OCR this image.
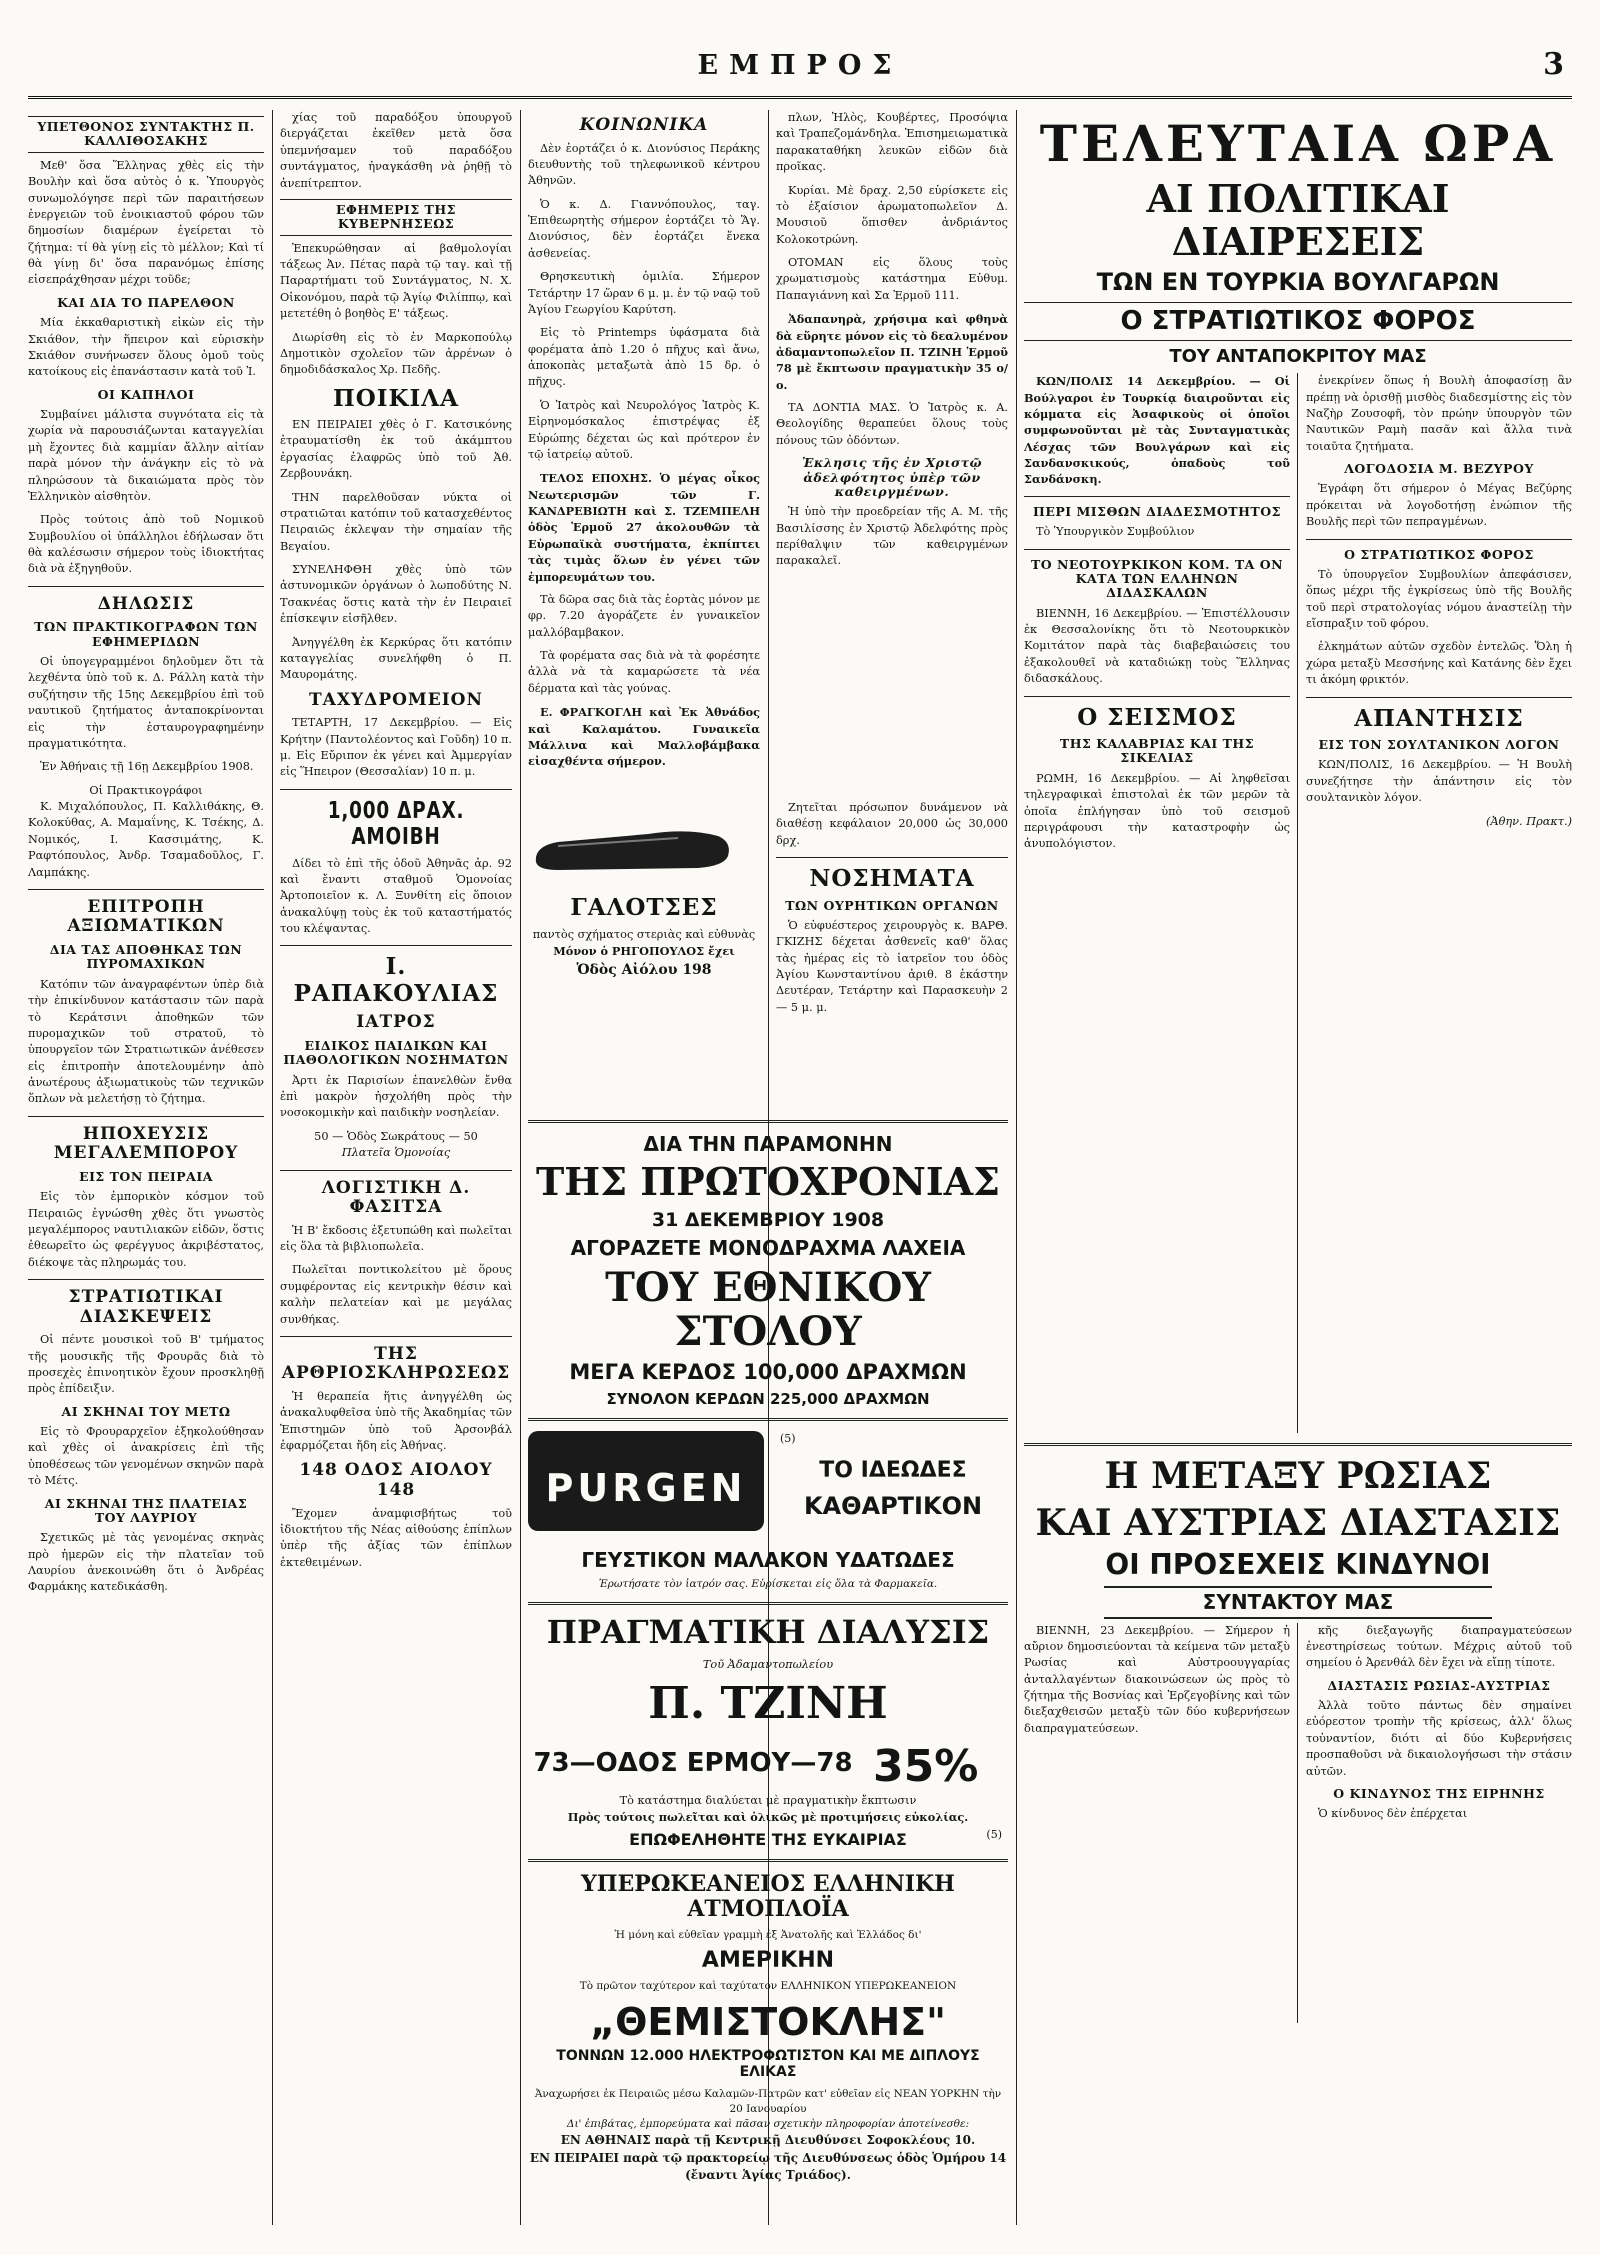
ΕΜΠΡΟΣ	3
ΥΠΕΤΘΟΝΟΣ ΣΥΝΤΑΚΤΗΣ Π. ΚΑΛΛΙΘΟΣΑΚΗΣ

Μεθ' ὅσα Ἕλληνας χθὲς εἰς τὴν Βουλὴν καὶ ὅσα αὐτὸς ὁ κ. Ὑπουργὸς συνωμολόγησε περὶ τῶν παραιτήσεων ἐνεργειῶν τοῦ ἐνοικιαστοῦ φόρου τῶν δημοσίων διαμέρων ἐγείρεται τὸ ζήτημα: τί θὰ γίνῃ εἰς τὸ μέλλον; Καὶ τί θὰ γίνῃ δι' ὅσα παρανόμως ἐπίσης εἰσεπράχθησαν μέχρι τοῦδε;

ΚΑΙ ΔΙΑ ΤΟ ΠΑΡΕΛΘΟΝ

Μία ἐκκαθαριστικὴ εἰκὼν εἰς τὴν Σκιάθον, τὴν ἥπειρον καὶ εὑρισκὴν Σκιάθον συνήνωσεν ὅλους ὁμοῦ τοὺς κατοίκους εἰς ἐπανάστασιν κατὰ τοῦ Ἰ.

ΟΙ ΚΑΠΗΛΟΙ

Συμβαίνει μάλιστα συγνότατα εἰς τὰ χωρία νὰ παρουσιάζωνται καταγγελίαι μὴ ἔχοντες διὰ καμμίαν ἄλλην αἰτίαν παρὰ μόνον τὴν ἀνάγκην εἰς τὸ νὰ πληρώσουν τὰ δικαιώματα πρὸς τὸν Ἑλληνικὸν αἰσθητὸν.

Πρὸς τούτοις ἀπὸ τοῦ Νομικοῦ Συμβουλίου οἱ ὑπάλληλοι ἐδήλωσαν ὅτι θὰ καλέσωσιν σήμερον τοὺς ἰδιοκτήτας διὰ νὰ ἐξηγηθοῦν.

ΔΗΛΩΣΙΣ
ΤΩΝ ΠΡΑΚΤΙΚΟΓΡΑΦΩΝ ΤΩΝ ΕΦΗΜΕΡΙΔΩΝ

Οἱ ὑπογεγραμμένοι δηλοῦμεν ὅτι τὰ λεχθέντα ὑπὸ τοῦ κ. Δ. Ράλλη κατὰ τὴν συζήτησιν τῆς 15ης Δεκεμβρίου ἐπὶ τοῦ ναυτικοῦ ζητήματος ἀνταποκρίνονται εἰς τὴν ἐσταυρογραφημένην πραγματικότητα.

Ἐν Ἀθήναις τῇ 16ῃ Δεκεμβρίου 1908.

Οἱ Πρακτικογράφοι

Κ. Μιχαλόπουλος, Π. Καλλιθάκης, Θ. Κολοκύθας, Α. Μαμαΐνης, Κ. Τσέκης, Δ. Νομικός, Ι. Κασσιμάτης, Κ. Ραφτόπουλος, Ἀνδρ. Τσαμαδοῦλος, Γ. Λαμπάκης.

ΕΠΙΤΡΟΠΗ ΑΞΙΩΜΑΤΙΚΩΝ
ΔΙΑ ΤΑΣ ΑΠΟΘΗΚΑΣ ΤΩΝ ΠΥΡΟΜΑΧΙΚΩΝ

Κατόπιν τῶν ἀναγραφέντων ὑπὲρ διὰ τὴν ἐπικίνδυνον κατάστασιν τῶν παρὰ τὸ Κεράτσινι ἀποθηκῶν τῶν πυρομαχικῶν τοῦ στρατοῦ, τὸ ὑπουργεῖον τῶν Στρατιωτικῶν ἀνέθεσεν εἰς ἐπιτροπὴν ἀποτελουμένην ἀπὸ ἀνωτέρους ἀξιωματικοὺς τῶν τεχνικῶν ὅπλων νὰ μελετήσῃ τὸ ζήτημα.

ΗΠΟΧΕΥΣΙΣ ΜΕΓΑΛΕΜΠΟΡΟΥ
ΕΙΣ ΤΟΝ ΠΕΙΡΑΙΑ

Εἰς τὸν ἐμπορικὸν κόσμον τοῦ Πειραιῶς ἐγνώσθη χθὲς ὅτι γνωστὸς μεγαλέμπορος ναυτιλιακῶν εἰδῶν, ὅστις ἐθεωρεῖτο ὡς φερέγγυος ἀκριβέστατος, διέκοψε τὰς πληρωμάς του.

ΣΤΡΑΤΙΩΤΙΚΑΙ ΔΙΑΣΚΕΨΕΙΣ

Οἱ πέντε μουσικοὶ τοῦ Β' τμήματος τῆς μουσικῆς τῆς Φρουρᾶς διὰ τὸ προσεχὲς ἐπινοητικὸν ἔχουν προσκληθῇ πρὸς ἐπίδειξιν.

ΑΙ ΣΚΗΝΑΙ ΤΟΥ ΜΕΤΩ

Εἰς τὸ Φρουραρχεῖον ἐξηκολούθησαν καὶ χθὲς οἱ ἀνακρίσεις ἐπὶ τῆς ὑποθέσεως τῶν γενομένων σκηνῶν παρὰ τὸ Μέτς.

ΑΙ ΣΚΗΝΑΙ ΤΗΣ ΠΛΑΤΕΙΑΣ ΤΟΥ ΛΑΥΡΙΟΥ

Σχετικῶς μὲ τὰς γενομένας σκηνὰς πρὸ ἡμερῶν εἰς τὴν πλατεῖαν τοῦ Λαυρίου ἀνεκοινώθη ὅτι ὁ Ἀνδρέας Φαρμάκης κατεδικάσθη.

χίας τοῦ παραδόξου ὑπουργοῦ διεργάζεται ἐκεῖθεν μετὰ ὅσα ὑπεμνήσαμεν τοῦ παραδόξου συντάγματος, ἠναγκάσθη νὰ ῥηθῇ τὸ ἀνεπίτρεπτον.

ΕΦΗΜΕΡΙΣ ΤΗΣ ΚΥΒΕΡΝΗΣΕΩΣ

Ἐπεκυρώθησαν αἱ βαθμολογίαι τάξεως Ἀν. Πέτας παρὰ τῷ ταγ. καὶ τῇ Παραρτήματι τοῦ Συντάγματος, Ν. Χ. Οἰκονόμου, παρὰ τῷ Ἁγίῳ Φιλίππῳ, καὶ μετετέθη ὁ βοηθὸς Ε' τάξεως.

Διωρίσθη εἰς τὸ ἐν Μαρκοπούλῳ Δημοτικὸν σχολεῖον τῶν ἀρρένων ὁ δημοδιδάσκαλος Χρ. Πεδῆς.

ΠΟΙΚΙΛΑ

ΕΝ ΠΕΙΡΑΙΕΙ χθὲς ὁ Γ. Κατσικόνης ἐτραυματίσθη ἐκ τοῦ ἀκάμπτου ἐργασίας ἐλαφρῶς ὑπὸ τοῦ Ἀθ. Ζερβουνάκη.

ΤΗΝ παρελθοῦσαν νύκτα οἱ στρατιῶται κατόπιν τοῦ κατασχεθέντος Πειραιῶς ἐκλεψαν τὴν σημαίαν τῆς Βεγαίου.

ΣΥΝΕΛΗΦΘΗ χθὲς ὑπὸ τῶν ἀστυνομικῶν ὀργάνων ὁ λωποδύτης Ν. Τσακνέας ὅστις κατὰ τὴν ἐν Πειραιεῖ ἐπίσκεψιν εἰσῆλθεν.

Ἀνηγγέλθη ἐκ Κερκύρας ὅτι κατόπιν καταγγελίας συνελήφθη ὁ Π. Μαυρομάτης.

ΤΑΧΥΔΡΟΜΕΙΟΝ

ΤΕΤΑΡΤΗ, 17 Δεκεμβρίου. — Εἰς Κρήτην (Παντολέοντος καὶ Γοῦδη) 10 π. μ. Εἰς Εὔριπον ἐκ γένει καὶ Ἀμμεργίαν εἰς Ἥπειρον (Θεσσαλίαν) 10 π. μ.

1,000 ΔΡΑΧ. ΑΜΟΙΒΗ

Δίδει τὸ ἐπὶ τῆς ὁδοῦ Ἀθηνᾶς ἀρ. 92 καὶ ἔναντι σταθμοῦ Ὁμονοίας Ἀρτοποιεῖον κ. Λ. Ξυνθίτη εἰς ὅποιον ἀνακαλύψῃ τοὺς ἐκ τοῦ καταστήματός του κλέψαντας.

Ι. ΡΑΠΑΚΟΥΛΙΑΣ
ΙΑΤΡΟΣ
ΕΙΔΙΚΟΣ ΠΑΙΔΙΚΩΝ ΚΑΙ ΠΑΘΟΛΟΓΙΚΩΝ ΝΟΣΗΜΑΤΩΝ

Ἀρτι ἐκ Παρισίων ἐπανελθὼν ἔνθα ἐπὶ μακρὸν ἠσχολήθη πρὸς τὴν νοσοκομικὴν καὶ παιδικὴν νοσηλείαν.

50 — Ὁδὸς Σωκράτους — 50
Πλατεῖα Ὁμονοίας
ΛΟΓΙΣΤΙΚΗ Δ. ΦΑΣΙΤΣΑ

Ἡ Β' ἔκδοσις ἐξετυπώθη καὶ πωλεῖται εἰς ὅλα τὰ βιβλιοπωλεῖα.

Πωλεῖται ποντικολείτου μὲ ὅρους συμφέροντας εἰς κεντρικὴν θέσιν καὶ καλὴν πελατείαν καὶ με μεγάλας συνθήκας.

ΤΗΣ ΑΡΘΡΙΟΣΚΛΗΡΩΣΕΩΣ

Ἡ θεραπεία ἥτις ἀνηγγέλθη ὡς ἀνακαλυφθεῖσα ὑπὸ τῆς Ἀκαδημίας τῶν Ἐπιστημῶν ὑπὸ τοῦ Ἀρσονβάλ ἐφαρμόζεται ἤδη εἰς Ἀθήνας.

148 ΟΔΟΣ ΑΙΟΛΟΥ 148

Ἔχομεν ἀναμφισβήτως τοῦ ἰδιοκτήτου τῆς Νέας αἰθούσης ἐπίπλων ὑπὲρ τῆς ἀξίας τῶν ἐπίπλων ἐκτεθειμένων.

ΚΟΙΝΩΝΙΚΑ

Δὲν ἑορτάζει ὁ κ. Διονύσιος Περάκης διευθυντὴς τοῦ τηλεφωνικοῦ κέντρου Ἀθηνῶν.

Ὁ κ. Δ. Γιαννόπουλος, ταγ. Ἐπιθεωρητὴς σήμερον ἐορτάζει τὸ Ἅγ. Διονύσιος, δὲν ἑορτάζει ἕνεκα ἀσθενείας.

Θρησκευτικὴ ὁμιλία. Σήμερον Τετάρτην 17 ὥραν 6 μ. μ. ἐν τῷ ναῷ τοῦ Ἁγίου Γεωργίου Καρύτση.

Εἰς τὸ Printemps ὑφάσματα διὰ φορέματα ἀπὸ 1.20 ὁ πῆχυς καὶ ἄνω, ἀποκοπὰς μεταξωτὰ ἀπὸ 15 δρ. ὁ πῆχυς.

Ὁ Ἰατρὸς καὶ Νευρολόγος Ἰατρὸς Κ. Εἰρηνομόσκαλος ἐπιστρέψας ἐξ Εὐρώπης δέχεται ὡς καὶ πρότερον ἐν τῷ ἰατρείῳ αὐτοῦ.

ΤΕΛΟΣ ΕΠΟΧΗΣ. Ὁ μέγας οἶκος Νεωτερισμῶν τῶν Γ. ΚΑΝΔΡΕΒΙΩΤΗ καὶ Σ. ΤΖΕΜΠΕΛΗ ὁδὸς Ἑρμοῦ 27 ἀκολουθῶν τὰ Εὐρωπαϊκὰ συστήματα, ἐκπίπτει τὰς τιμὰς ὅλων ἐν γένει τῶν ἐμπορευμάτων του.

Τὰ δῶρα σας διὰ τὰς ἑορτὰς μόνον με φρ. 7.20 ἀγοράζετε ἐν γυναικεῖον μαλλόβαμβακον.

Τὰ φορέματα σας διὰ νὰ τὰ φορέσητε ἀλλὰ νὰ τὰ καμαρώσετε τὰ νέα δέρματα καὶ τὰς γούνας.

Ε. ΦΡΑΓΚΟΓΛΗ καὶ Ἐκ Ἀθνάδος καὶ Καλαμάτου. Γυναικεῖα Μάλλινα καὶ Μαλλοβάμβακα εἰσαχθέντα σήμερον.

πλων, Ἠλὸς, Κουβέρτες, Προσόψια καὶ Τραπεζομάνδηλα. Ἐπισημειωματικὰ παρακαταθήκη λευκῶν εἰδῶν διὰ προῖκας.

Κυρίαι. Μὲ δραχ. 2,50 εὑρίσκετε εἰς τὸ ἐξαίσιον ἀρωματοπωλεῖον Δ. Μουσιοῦ ὅπισθεν ἀνδριάντος Κολοκοτρώνη.

ΟΤΟΜΑΝ εἰς ὅλους τοὺς χρωματισμοὺς κατάστημα Εὐθυμ. Παπαγιάννη καὶ Σα Ἑρμοῦ 111.

Ἀδαπανηρὰ, χρήσιμα καὶ φθηνὰ δὰ εὕρητε μόνον εἰς τὸ δεαλυμένον ἀδαμαντοπωλεῖον Π. ΤΖΙΝΗ Ἑρμοῦ 78 μὲ ἔκπτωσιν πραγματικὴν 35 ο/ο.

ΤΑ ΔΟΝΤΙΑ ΜΑΣ. Ὁ Ἰατρὸς κ. Α. Θεολογίδης θεραπεύει ὅλους τοὺς πόνους τῶν ὀδόντων.

Ἐκλησις τῆς ἐν Χριστῷ ἀδελφότητος ὑπὲρ τῶν καθειργμένων.

Ἡ ὑπὸ τὴν προεδρείαν τῆς Α. Μ. τῆς Βασιλίσσης ἐν Χριστῷ Ἀδελφότης πρὸς περίθαλψιν τῶν καθειργμένων παρακαλεῖ.

ΓΑΛΟΤΣΕΣ
παντὸς σχήματος στεριὰς καὶ εὐθυνὰς
Μόνον ὁ ΡΗΓΟΠΟΥΛΟΣ ἔχει
Ὁδὸς Αἰόλου 198

Ζητεῖται πρόσωπον δυνάμενον νὰ διαθέσῃ κεφάλαιον 20,000 ὡς 30,000 δρχ.

ΝΟΣΗΜΑΤΑ
ΤΩΝ ΟΥΡΗΤΙΚΩΝ ΟΡΓΑΝΩΝ

Ὁ εὐφυέστερος χειρουργὸς κ. ΒΑΡΘ. ΓΚΙΖΗΣ δέχεται ἀσθενεῖς καθ' ὅλας τὰς ἡμέρας εἰς τὸ ἰατρεῖον του ὁδὸς Ἀγίου Κωνσταντίνου ἀριθ. 8 ἑκάστην Δευτέραν, Τετάρτην καὶ Παρασκευὴν 2 — 5 μ. μ.

ΔΙΑ ΤΗΝ ΠΑΡΑΜΟΝΗΝ
ΤΗΣ ΠΡΩΤΟΧΡΟΝΙΑΣ
31 ΔΕΚΕΜΒΡΙΟΥ 1908
ΑΓΟΡΑΖΕΤΕ ΜΟΝΟΔΡΑΧΜΑ ΛΑΧΕΙΑ
ΤΟΥ ΕΘΝΙΚΟΥ ΣΤΟΛΟΥ
ΜΕΓΑ ΚΕΡΔΟΣ 100,000 ΔΡΑΧΜΩΝ
ΣΥΝΟΛΟΝ ΚΕΡΔΩΝ 225,000 ΔΡΑΧΜΩΝ
PURGEN
(5)
ΤΟ ΙΔΕΩΔΕΣ
ΚΑΘΑΡΤΙΚΟΝ
ΓΕΥΣΤΙΚΟΝ ΜΑΛΑΚΟΝ ΥΔΑΤΩΔΕΣ
Ἐρωτήσατε τὸν ἰατρόν σας. Εὑρίσκεται εἰς ὅλα τὰ Φαρμακεῖα.
ΠΡΑΓΜΑΤΙΚΗ ΔΙΑΛΥΣΙΣ
Τοῦ Ἀδαμαντοπωλείου
Π. ΤΖΙΝΗ
73—ΟΔΟΣ ΕΡΜΟΥ—78 35%
Τὸ κατάστημα διαλύεται μὲ πραγματικὴν ἔκπτωσιν
Πρὸς τούτοις πωλεῖται καὶ ὁλικῶς μὲ προτιμήσεις εὐκολίας.
ΕΠΩΦΕΛΗΘΗΤΕ ΤΗΣ ΕΥΚΑΙΡΙΑΣ	(5)
ΥΠΕΡΩΚΕΑΝΕΙΟΣ ΕΛΛΗΝΙΚΗ ΑΤΜΟΠΛΟΪΑ
Ἡ μόνη καὶ εὐθεῖαν γραμμὴ ἐξ Ἀνατολῆς καὶ Ἑλλάδος δι'
ΑΜΕΡΙΚΗΝ
Τὸ πρῶτον ταχύτερον καὶ ταχύτατον ΕΛΛΗΝΙΚΟΝ ΥΠΕΡΩΚΕΑΝΕΙΟΝ
„ΘΕΜΙΣΤΟΚΛΗΣ"
ΤΟΝΝΩΝ 12.000 ΗΛΕΚΤΡΟΦΩΤΙΣΤΟΝ ΚΑΙ ΜΕ ΔΙΠΛΟΥΣ ΕΛΙΚΑΣ
Ἀναχωρήσει ἐκ Πειραιῶς μέσω Καλαμῶν-Πατρῶν κατ' εὐθεῖαν εἰς ΝΕΑΝ ΥΟΡΚΗΝ τὴν 20 Ιανουαρίου
Δι' ἐπιβάτας, ἐμπορεύματα καὶ πᾶσαν σχετικὴν πληροφορίαν ἀποτείνεσθε:
ΕΝ ΑΘΗΝΑΙΣ παρὰ τῇ Κεντρικῇ Διευθύνσει Σοφοκλέους 10.
ΕΝ ΠΕΙΡΑΙΕΙ παρὰ τῷ πρακτορείῳ τῆς Διευθύνσεως ὁδὸς Ὁμήρου 14 (ἔναντι Ἁγίας Τριάδος).
ΤΕΛΕΥΤΑΙΑ ΩΡΑ
ΑΙ ΠΟΛΙΤΙΚΑΙ ΔΙΑΙΡΕΣΕΙΣ
ΤΩΝ ΕΝ ΤΟΥΡΚΙΑ ΒΟΥΛΓΑΡΩΝ
Ο ΣΤΡΑΤΙΩΤΙΚΟΣ ΦΟΡΟΣ
ΤΟΥ ΑΝΤΑΠΟΚΡΙΤΟΥ ΜΑΣ

ΚΩΝ/ΠΟΛΙΣ 14 Δεκεμβρίου. — Οἱ Βούλγαροι ἐν Τουρκίᾳ διαιροῦνται εἰς κόμματα εἰς Ἀσαφικοὺς οἱ ὁποῖοι συμφωνοῦνται μὲ τὰς Συνταγματικὰς Λέσχας τῶν Βουλγάρων καὶ εἰς Σανδανσκικούς, ὁπαδοὺς τοῦ Σανδάνσκη.

ΠΕΡΙ ΜΙΣΘΩΝ ΔΙΑΔΕΣΜΟΤΗΤΟΣ

Τὸ Ὑπουργικὸν Συμβούλιον

ΤΟ ΝΕΟΤΟΥΡΚΙΚΟΝ ΚΟΜ. ΤΑ ΟΝ ΚΑΤΑ ΤΩΝ ΕΛΛΗΝΩΝ ΔΙΔΑΣΚΑΛΩΝ

ΒΙΕΝΝΗ, 16 Δεκεμβρίου. — Ἐπιστέλλουσιν ἐκ Θεσσαλονίκης ὅτι τὸ Νεοτουρκικὸν Κομιτάτον παρὰ τὰς διαβεβαιώσεις του ἐξακολουθεῖ νὰ καταδιώκῃ τοὺς Ἕλληνας διδασκάλους.

Ο ΣΕΙΣΜΟΣ
ΤΗΣ ΚΑΛΑΒΡΙΑΣ ΚΑΙ ΤΗΣ ΣΙΚΕΛΙΑΣ

ΡΩΜΗ, 16 Δεκεμβρίου. — Αἱ ληφθεῖσαι τηλεγραφικαὶ ἐπιστολαὶ ἐκ τῶν μερῶν τὰ ὁποῖα ἐπλήγησαν ὑπὸ τοῦ σεισμοῦ περιγράφουσι τὴν καταστροφὴν ὡς ἀνυπολόγιστον.

ἐνεκρίνεν ὅπως ἡ Βουλὴ ἀποφασίσῃ ἂν πρέπῃ νὰ ὁρισθῇ μισθὸς διαδεσμίστης εἰς τὸν Ναζὴρ Ζουσοφῆ, τὸν πρώην ὑπουργὸν τῶν Ναυτικῶν Ραμὴ πασᾶν καὶ ἄλλα τινὰ τοιαῦτα ζητήματα.

ΛΟΓΟΔΟΣΙΑ Μ. ΒΕΖΥΡΟΥ

Ἐγράφη ὅτι σήμερον ὁ Μέγας Βεζύρης πρόκειται νὰ λογοδοτήσῃ ἐνώπιον τῆς Βουλῆς περὶ τῶν πεπραγμένων.

Ο ΣΤΡΑΤΙΩΤΙΚΟΣ ΦΟΡΟΣ

Τὸ ὑπουργεῖον Συμβουλίων ἀπεφάσισεν, ὅπως μέχρι τῆς ἐγκρίσεως ὑπὸ τῆς Βουλῆς τοῦ περὶ στρατολογίας νόμου ἀναστείλῃ τὴν εἴσπραξιν τοῦ φόρου.

ἐλκημάτων αὐτῶν σχεδὸν ἐντελῶς. Ὅλη ἡ χώρα μεταξὺ Μεσσήνης καὶ Κατάνης δὲν ἔχει τι ἀκόμη φρικτόν.

ΑΠΑΝΤΗΣΙΣ
ΕΙΣ ΤΟΝ ΣΟΥΛΤΑΝΙΚΟΝ ΛΟΓΟΝ

ΚΩΝ/ΠΟΛΙΣ, 16 Δεκεμβρίου. — Ἡ Βουλὴ συνεζήτησε τὴν ἀπάντησιν εἰς τὸν σουλτανικὸν λόγον.

(Ἀθην. Πρακτ.)
Η ΜΕΤΑΞΥ ΡΩΣΙΑΣ
ΚΑΙ ΑΥΣΤΡΙΑΣ ΔΙΑΣΤΑΣΙΣ
ΟΙ ΠΡΟΣΕΧΕΙΣ ΚΙΝΔΥΝΟΙ
ΣΥΝΤΑΚΤΟΥ ΜΑΣ

ΒΙΕΝΝΗ, 23 Δεκεμβρίου. — Σήμερον ἡ αὔριον δημοσιεύονται τὰ κείμενα τῶν μεταξὺ Ρωσίας καὶ Αὐστροουγγαρίας ἀνταλλαγέντων διακοινώσεων ὡς πρὸς τὸ ζήτημα τῆς Βοσνίας καὶ Ἐρζεγοβίνης καὶ τῶν διεξαχθεισῶν μεταξὺ τῶν δύο κυβερνήσεων διαπραγματεύσεων.

κῆς διεξαγωγῆς διαπραγματεύσεων ἐνεστηρίσεως τούτων. Μέχρις αὐτοῦ τοῦ σημείου ὁ Ἀρενθάλ δὲν ἔχει νὰ εἴπῃ τίποτε.

ΔΙΑΣΤΑΣΙΣ ΡΩΣΙΑΣ-ΑΥΣΤΡΙΑΣ

Ἀλλὰ τοῦτο πάντως δὲν σημαίνει εὐόρεστον τροπὴν τῆς κρίσεως, ἀλλ' ὅλως τοὐναντίον, διότι αἱ δύο Κυβερνήσεις προσπαθοῦσι νὰ δικαιολογήσωσι τὴν στάσιν αὐτῶν.

Ο ΚΙΝΔΥΝΟΣ ΤΗΣ ΕΙΡΗΝΗΣ

Ὁ κίνδυνος δὲν ἐπέρχεται
